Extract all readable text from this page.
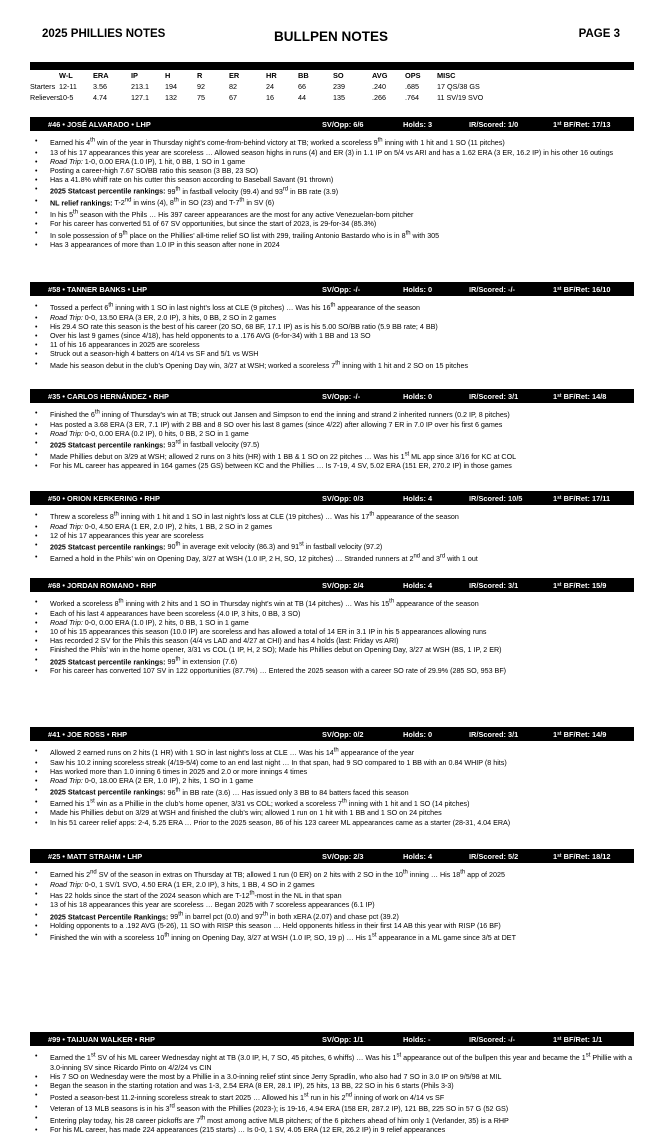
2025 PHILLIES NOTES	BULLPEN NOTES	PAGE 3
W-L	ERA	IP	H	R	ER	HR	BB	SO	AVG OPS MISC
Starters 12-11 3.56	213.1 194	92	82	24	66	239	.240	.685	17 QS/38 GS
Relievers 10-5	4.74	127.1 132	75	67	16	44	135	.266	.764	11 SV/19 SVO
#46 • JOSÉ ALVARADO • LHP	SV/Opp: 6/6	Holds: 3	IR/Scored: 1/0	1st BF/Ret: 17/13
• Earned his 4th win of the year in Thursday night’s come-from-behind victory at TB; worked a scoreless 9th inning with 1 hit and 1 SO (11 pitches)
• 13 of his 17 appearances this year are scoreless … Allowed season highs in runs (4) and ER (3) in 1.1 IP on 5/4 vs ARI and has a 1.62 ERA (3 ER, 16.2 IP) in his other 16 outings
• Road Trip: 1-0, 0.00 ERA (1.0 IP), 1 hit, 0 BB, 1 SO in 1 game
• Posting a career-high 7.67 SO/BB ratio this season (3 BB, 23 SO)
• Has a 41.8% whiff rate on his cutter this season according to Baseball Savant (91 thrown)
• 2025 Statcast percentile rankings: 99th in fastball velocity (99.4) and 93rd in BB rate (3.9)
• NL relief rankings: T-2nd in wins (4), 8th in SO (23) and T-7th in SV (6)
• In his 5th season with the Phils … His 397 career appearances are the most for any active Venezuelan-born pitcher
• For his career has converted 51 of 67 SV opportunities, but since the start of 2023, is 29-for-34 (85.3%)
• In sole possession of 9th place on the Phillies’ all-time relief SO list with 299, trailing Antonio Bastardo who is in 8th with 305
• Has 3 appearances of more than 1.0 IP in this season after none in 2024
#58 • TANNER BANKS • LHP	SV/Opp: -/-	Holds: 0	IR/Scored: -/-	1st BF/Ret: 16/10
• Tossed a perfect 6th inning with 1 SO in last night’s loss at CLE (9 pitches) … Was his 16th appearance of the season
• Road Trip: 0-0, 13.50 ERA (3 ER, 2.0 IP), 3 hits, 0 BB, 2 SO in 2 games
• His 29.4 SO rate this season is the best of his career (20 SO, 68 BF, 17.1 IP) as is his 5.00 SO/BB ratio (5.9 BB rate; 4 BB)
• Over his last 9 games (since 4/18), has held opponents to a .176 AVG (6-for-34) with 1 BB and 13 SO
• 11 of his 16 appearances in 2025 are scoreless
• Struck out a season-high 4 batters on 4/14 vs SF and 5/1 vs WSH
• Made his season debut in the club’s Opening Day win, 3/27 at WSH; worked a scoreless 7th inning with 1 hit and 2 SO on 15 pitches
#35 • CARLOS HERNÁNDEZ • RHP	SV/Opp: -/-	Holds: 0	IR/Scored: 3/1	1st BF/Ret: 14/8
• Finished the 6th inning of Thursday’s win at TB; struck out Jansen and Simpson to end the inning and strand 2 inherited runners (0.2 IP, 8 pitches)
• Has posted a 3.68 ERA (3 ER, 7.1 IP) with 2 BB and 8 SO over his last 8 games (since 4/22) after allowing 7 ER in 7.0 IP over his first 6 games
• Road Trip: 0-0, 0.00 ERA (0.2 IP), 0 hits, 0 BB, 2 SO in 1 game
• 2025 Statcast percentile rankings: 93rd in fastball velocity (97.5)
• Made Phillies debut on 3/29 at WSH; allowed 2 runs on 3 hits (HR) with 1 BB & 1 SO on 22 pitches … Was his 1st ML app since 3/16 for KC at COL
• For his ML career has appeared in 164 games (25 GS) between KC and the Phillies … Is 7-19, 4 SV, 5.02 ERA (151 ER, 270.2 IP) in those games
#50 • ORION KERKERING • RHP	SV/Opp: 0/3	Holds: 4	IR/Scored: 10/5	1st BF/Ret: 17/11
• Threw a scoreless 8th inning with 1 hit and 1 SO in last night’s loss at CLE (19 pitches) … Was his 17th appearance of the season
• Road Trip: 0-0, 4.50 ERA (1 ER, 2.0 IP), 2 hits, 1 BB, 2 SO in 2 games
• 12 of his 17 appearances this year are scoreless
• 2025 Statcast percentile rankings: 90th in average exit velocity (86.3) and 91st in fastball velocity (97.2)
• Earned a hold in the Phils’ win on Opening Day, 3/27 at WSH (1.0 IP, 2 H, SO, 12 pitches) … Stranded runners at 2nd and 3rd with 1 out
#68 • JORDAN ROMANO • RHP	SV/Opp: 2/4	Holds: 4	IR/Scored: 3/1	1st BF/Ret: 15/9
• Worked a scoreless 8th inning with 2 hits and 1 SO in Thursday night’s win at TB (14 pitches) … Was his 15th appearance of the season
• Each of his last 4 appearances have been scoreless (4.0 IP, 3 hits, 0 BB, 3 SO)
• Road Trip: 0-0, 0.00 ERA (1.0 IP), 2 hits, 0 BB, 1 SO in 1 game
• 10 of his 15 appearances this season (10.0 IP) are scoreless and has allowed a total of 14 ER in 3.1 IP in his 5 appearances allowing runs
• Has recorded 2 SV for the Phils this season (4/4 vs LAD and 4/27 at CHI) and has 4 holds (last: Friday vs ARI)
• Finished the Phils’ win in the home opener, 3/31 vs COL (1 IP, H, 2 SO); Made his Phillies debut on Opening Day, 3/27 at WSH (BS, 1 IP, 2 ER)
• 2025 Statcast percentile rankings: 99th in extension (7.6)
• For his career has converted 107 SV in 122 opportunities (87.7%) … Entered the 2025 season with a career SO rate of 29.9% (285 SO, 953 BF)
#41 • JOE ROSS • RHP	SV/Opp: 0/2	Holds: 0	IR/Scored: 3/1	1st BF/Ret: 14/9
• Allowed 2 earned runs on 2 hits (1 HR) with 1 SO in last night’s loss at CLE … Was his 14th appearance of the year
• Saw his 10.2 inning scoreless streak (4/19-5/4) come to an end last night … In that span, had 9 SO compared to 1 BB with an 0.84 WHIP (8 hits)
• Has worked more than 1.0 inning 6 times in 2025 and 2.0 or more innings 4 times
• Road Trip: 0-0, 18.00 ERA (2 ER, 1.0 IP), 2 hits, 1 SO in 1 game
• 2025 Statcast percentile rankings: 96th in BB rate (3.6) … Has issued only 3 BB to 84 batters faced this season
• Earned his 1st win as a Phillie in the club’s home opener, 3/31 vs COL; worked a scoreless 7th inning with 1 hit and 1 SO (14 pitches)
• Made his Phillies debut on 3/29 at WSH and finished the club’s win; allowed 1 run on 1 hit with 1 BB and 1 SO on 24 pitches
• In his 51 career relief apps: 2-4, 5.25 ERA … Prior to the 2025 season, 86 of his 123 career ML appearances came as a starter (28-31, 4.04 ERA)
#25 • MATT STRAHM • LHP	SV/Opp: 2/3	Holds: 4	IR/Scored: 5/2	1st BF/Ret: 18/12
• Earned his 2nd SV of the season in extras on Thursday at TB; allowed 1 run (0 ER) on 2 hits with 2 SO in the 10th inning … His 18th app of 2025
• Road Trip: 0-0, 1 SV/1 SVO, 4.50 ERA (1 ER, 2.0 IP), 3 hits, 1 BB, 4 SO in 2 games
• Has 22 holds since the start of the 2024 season which are T-12th-most in the NL in that span
• 13 of his 18 appearances this year are scoreless … Began 2025 with 7 scoreless appearances (6.1 IP)
• 2025 Statcast Percentile Rankings: 99th in barrel pct (0.0) and 97th in both xERA (2.07) and chase pct (39.2)
• Holding opponents to a .192 AVG (5-26), 11 SO with RISP this season … Held opponents hitless in their first 14 AB this year with RISP (16 BF)
• Finished the win with a scoreless 10th inning on Opening Day, 3/27 at WSH (1.0 IP, SO, 19 p) … His 1st appearance in a ML game since 3/5 at DET
#99 • TAIJUAN WALKER • RHP	SV/Opp: 1/1	Holds: -	IR/Scored: -/-	1st BF/Ret: 1/1
• Earned the 1st SV of his ML career Wednesday night at TB (3.0 IP, H, 7 SO, 45 pitches, 6 whiffs) … Was his 1st appearance out of the bullpen this year and became the 1st Phillie with a 3.0-inning SV since Ricardo Pinto on 4/2/24 vs CIN
• His 7 SO on Wednesday were the most by a Phillie in a 3.0-inning relief stint since Jerry Spradlin, who also had 7 SO in 3.0 IP on 9/5/98 at MIL
• Began the season in the starting rotation and was 1-3, 2.54 ERA (8 ER, 28.1 IP), 25 hits, 13 BB, 22 SO in his 6 starts (Phils 3-3)
• Posted a season-best 11.2-inning scoreless streak to start 2025 … Allowed his 1st run in his 2nd inning of work on 4/14 vs SF
• Veteran of 13 MLB seasons is in his 3rd season with the Phillies (2023-); is 19-16, 4.94 ERA (158 ER, 287.2 IP), 121 BB, 225 SO in 57 G (52 GS)
• Entering play today, his 28 career pickoffs are 7th most among active MLB pitchers; of the 6 pitchers ahead of him only 1 (Verlander, 35) is a RHP
• For his ML career, has made 224 appearances (215 starts) … Is 0-0, 1 SV, 4.05 ERA (12 ER, 26.2 IP) in 9 relief appearances
